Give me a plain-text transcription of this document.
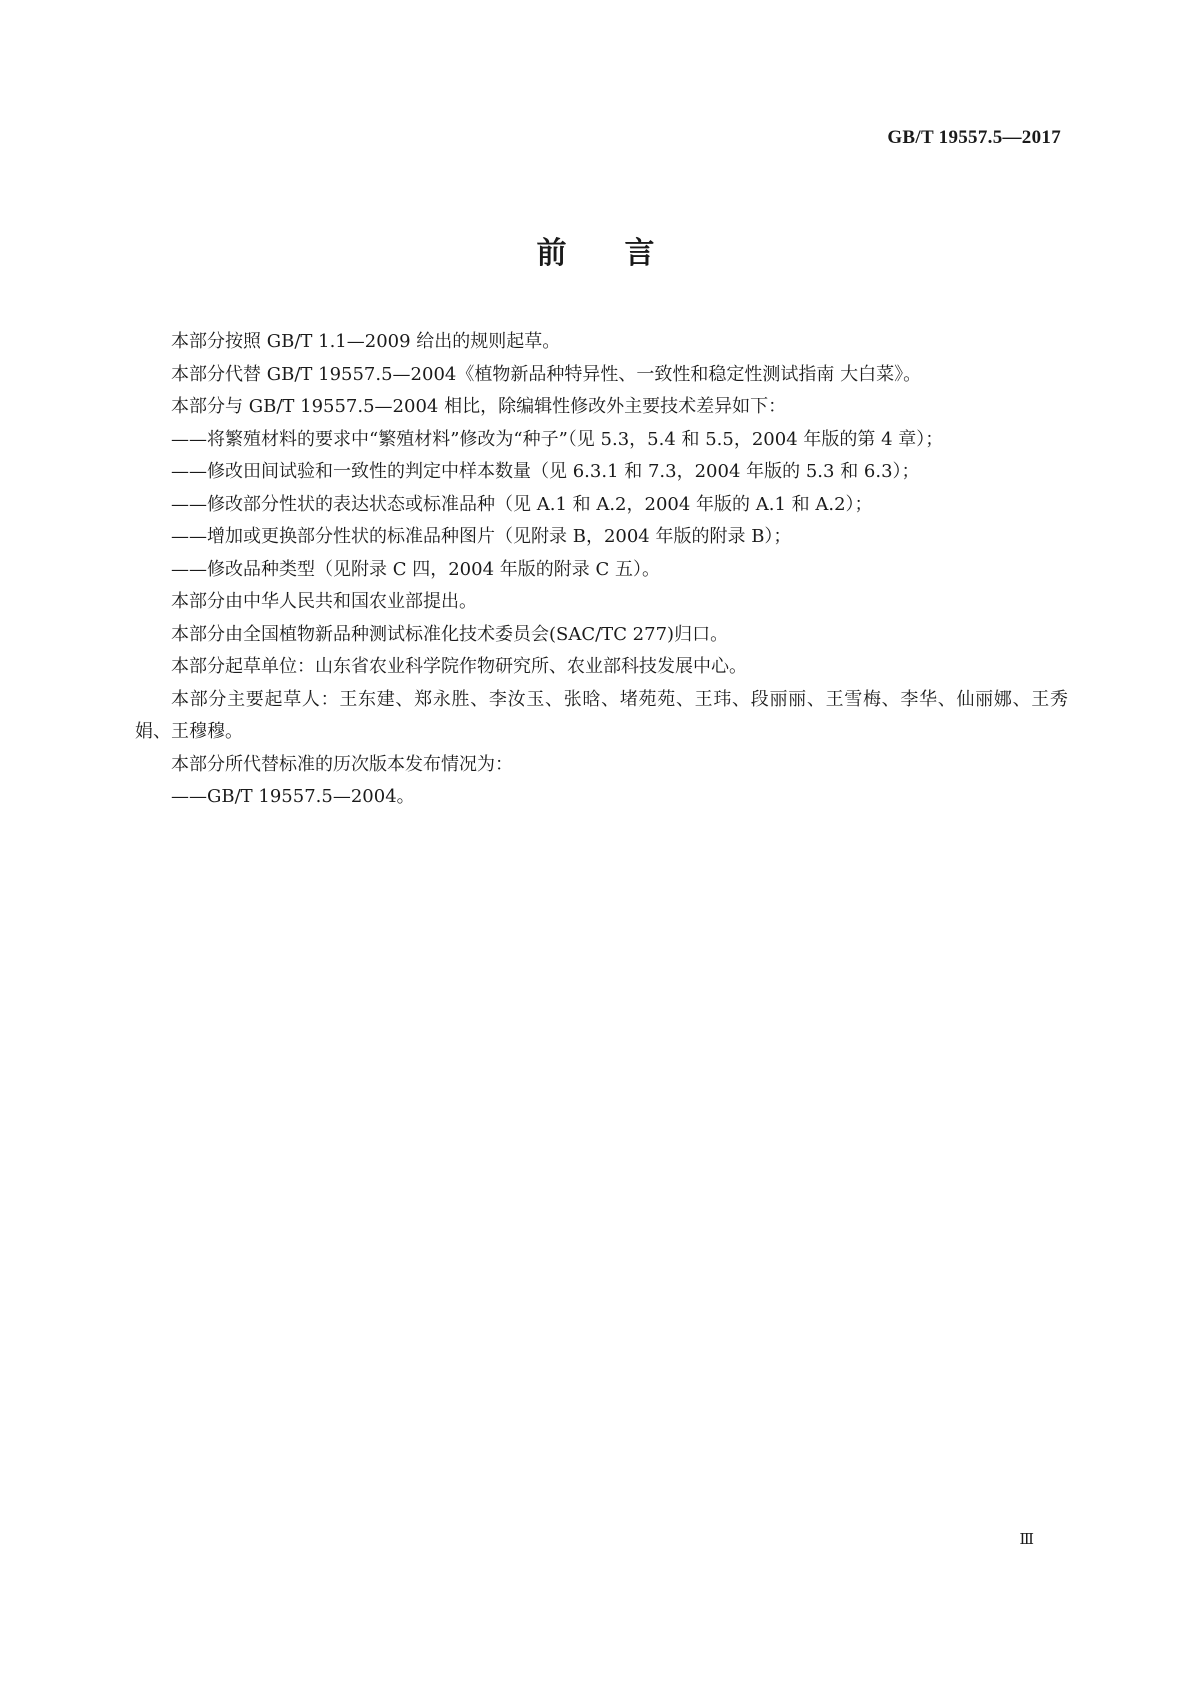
GB/T 19557.5—2017
前言

本部分按照 GB/T 1.1—2009 给出的规则起草。

本部分代替 GB/T 19557.5—2004《植物新品种特异性、一致性和稳定性测试指南 大白菜》。

本部分与 GB/T 19557.5—2004 相比，除编辑性修改外主要技术差异如下：

——将繁殖材料的要求中“繁殖材料”修改为“种子”（见 5.3，5.4 和 5.5，2004 年版的第 4 章）；

——修改田间试验和一致性的判定中样本数量（见 6.3.1 和 7.3，2004 年版的 5.3 和 6.3）；

——修改部分性状的表达状态或标准品种（见 A.1 和 A.2，2004 年版的 A.1 和 A.2）；

——增加或更换部分性状的标准品种图片（见附录 B，2004 年版的附录 B）；

——修改品种类型（见附录 C 四，2004 年版的附录 C 五）。

本部分由中华人民共和国农业部提出。

本部分由全国植物新品种测试标准化技术委员会(SAC/TC 277)归口。

本部分起草单位：山东省农业科学院作物研究所、农业部科技发展中心。

本部分主要起草人：王东建、郑永胜、李汝玉、张晗、堵苑苑、王玮、段丽丽、王雪梅、李华、仙丽娜、王秀娟、王穆穆。

本部分所代替标准的历次版本发布情况为：

——GB/T 19557.5—2004。

Ⅲ
